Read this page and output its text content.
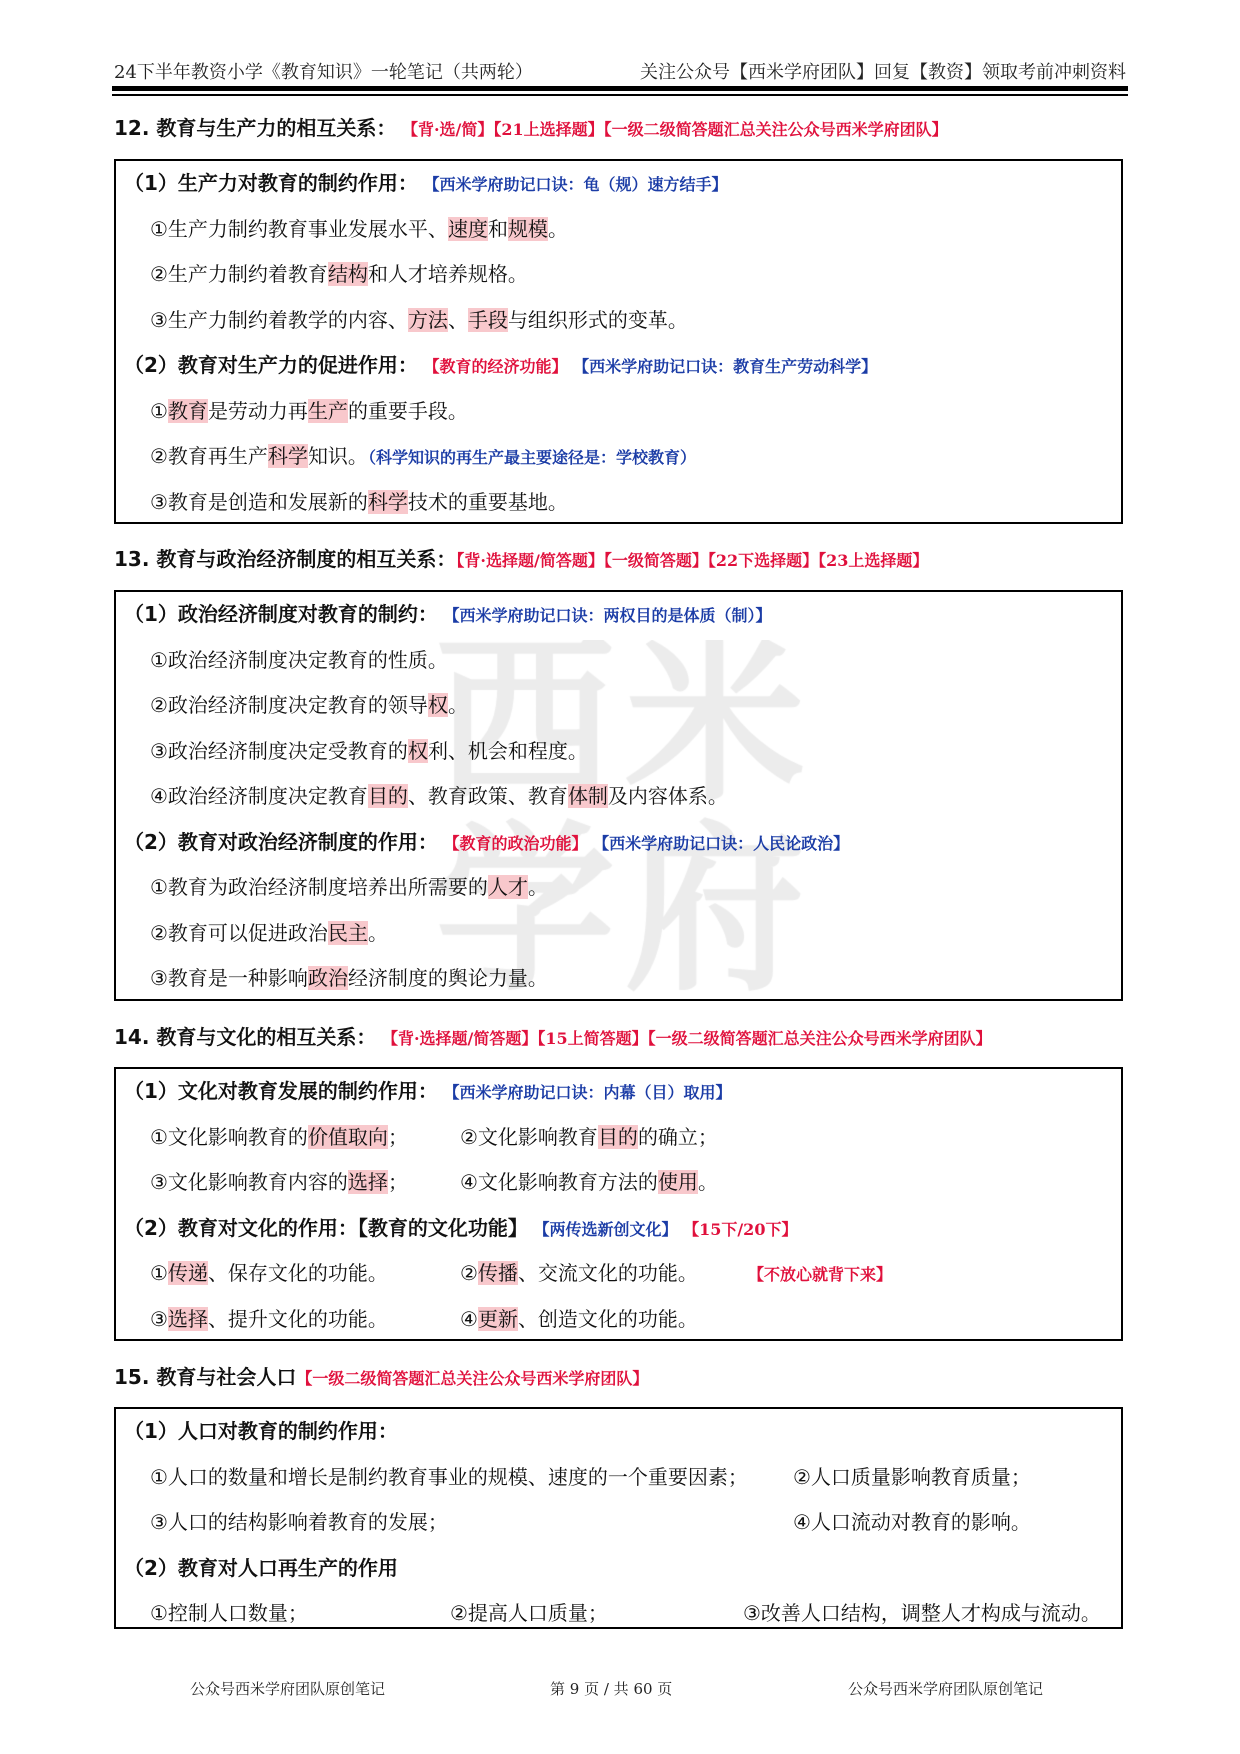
24下半年教资小学《教育知识》一轮笔记（共两轮）	关注公众号【西米学府团队】回复【教资】领取考前冲刺资料
12. 教育与生产力的相互关系： 【背·选/简】【21上选择题】【一级二级简答题汇总关注公众号西米学府团队】
（1）生产力对教育的制约作用： 【西米学府助记口诀：龟（规）速方结手】
①生产力制约教育事业发展水平、速度和规模。
②生产力制约着教育结构和人才培养规格。
③生产力制约着教学的内容、方法、手段与组织形式的变革。
（2）教育对生产力的促进作用： 【教育的经济功能】 【西米学府助记口诀：教育生产劳动科学】
①教育是劳动力再生产的重要手段。
②教育再生产科学知识。（科学知识的再生产最主要途径是：学校教育）
③教育是创造和发展新的科学技术的重要基地。
13. 教育与政治经济制度的相互关系：【背·选择题/简答题】【一级简答题】【22下选择题】【23上选择题】
（1）政治经济制度对教育的制约： 【西米学府助记口诀：两权目的是体质（制）】
①政治经济制度决定教育的性质。
②政治经济制度决定教育的领导权。
③政治经济制度决定受教育的权利、机会和程度。
④政治经济制度决定教育目的、教育政策、教育体制及内容体系。
（2）教育对政治经济制度的作用： 【教育的政治功能】 【西米学府助记口诀：人民论政治】
①教育为政治经济制度培养出所需要的人才。
②教育可以促进政治民主。
③教育是一种影响政治经济制度的舆论力量。
14. 教育与文化的相互关系： 【背·选择题/简答题】【15上简答题】【一级二级简答题汇总关注公众号西米学府团队】
（1）文化对教育发展的制约作用： 【西米学府助记口诀：内幕（目）取用】
①文化影响教育的价值取向；	②文化影响教育目的的确立；
③文化影响教育内容的选择；	④文化影响教育方法的使用。
（2）教育对文化的作用：【教育的文化功能】 【两传选新创文化】 【15下/20下】
①传递、保存文化的功能。	②传播、交流文化的功能。	【不放心就背下来】
③选择、提升文化的功能。	④更新、创造文化的功能。
15. 教育与社会人口【一级二级简答题汇总关注公众号西米学府团队】
（1）人口对教育的制约作用：
①人口的数量和增长是制约教育事业的规模、速度的一个重要因素；	②人口质量影响教育质量；
③人口的结构影响着教育的发展；	④人口流动对教育的影响。
（2）教育对人口再生产的作用
①控制人口数量；	②提高人口质量；	③改善人口结构，调整人才构成与流动。
公众号西米学府团队原创笔记	第 9 页 / 共 60 页	公众号西米学府团队原创笔记
